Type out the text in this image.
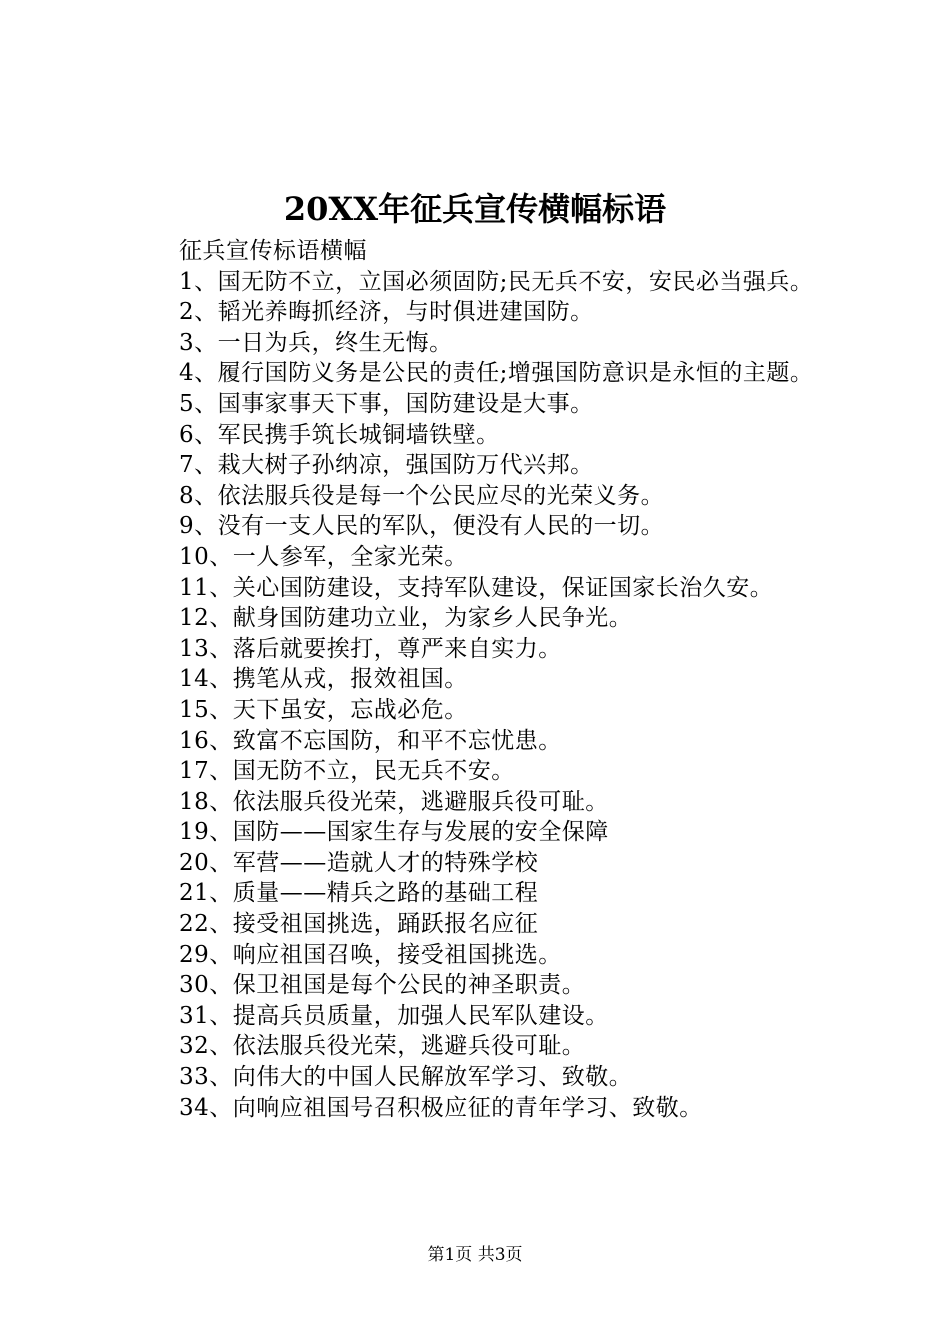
20XX年征兵宣传横幅标语

征兵宣传标语横幅

1、国无防不立，立国必须固防;民无兵不安，安民必当强兵。

2、韬光养晦抓经济，与时俱进建国防。

3、一日为兵，终生无悔。

4、履行国防义务是公民的责任;增强国防意识是永恒的主题。

5、国事家事天下事，国防建设是大事。

6、军民携手筑长城铜墙铁壁。

7、栽大树子孙纳凉，强国防万代兴邦。

8、依法服兵役是每一个公民应尽的光荣义务。

9、没有一支人民的军队，便没有人民的一切。

10、一人参军，全家光荣。

11、关心国防建设，支持军队建设，保证国家长治久安。

12、献身国防建功立业，为家乡人民争光。

13、落后就要挨打，尊严来自实力。

14、携笔从戎，报效祖国。

15、天下虽安，忘战必危。

16、致富不忘国防，和平不忘忧患。

17、国无防不立，民无兵不安。

18、依法服兵役光荣，逃避服兵役可耻。

19、国防——国家生存与发展的安全保障

20、军营——造就人才的特殊学校

21、质量——精兵之路的基础工程

22、接受祖国挑选，踊跃报名应征

29、响应祖国召唤，接受祖国挑选。

30、保卫祖国是每个公民的神圣职责。

31、提高兵员质量，加强人民军队建设。

32、依法服兵役光荣，逃避兵役可耻。

33、向伟大的中国人民解放军学习、致敬。

34、向响应祖国号召积极应征的青年学习、致敬。

第1页 共3页
